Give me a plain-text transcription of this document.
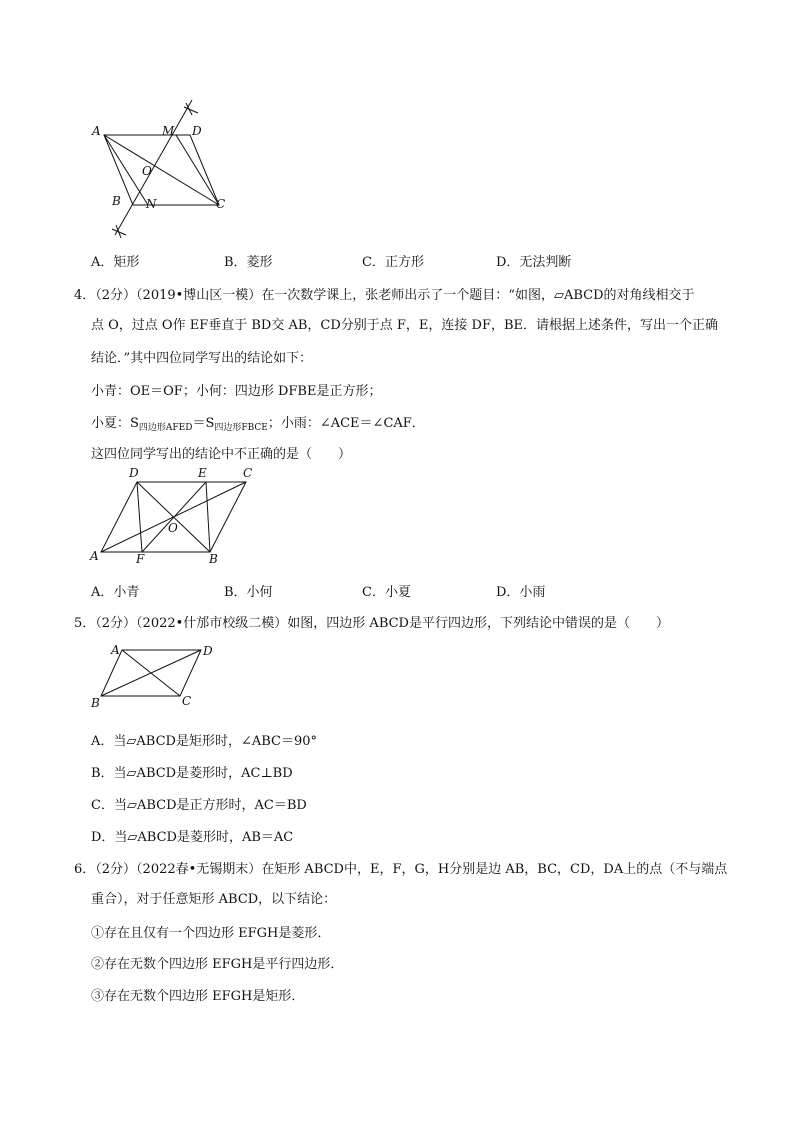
A	M D
O
B N	C
A．矩形	B．菱形	C．正方形	D．无法判断
4．（2分）（2019•博山区一模）在一次数学课上，张老师出示了一个题目：“如图，▱ABCD的对角线相交于
点 O，过点 O作 EF垂直于 BD交 AB，CD分别于点 F，E，连接 DF，BE．请根据上述条件，写出一个正确
结论．”其中四位同学写出的结论如下：
小青：OE＝OF；小何：四边形 DFBE是正方形；
小夏：$S_{四边形AFED}=S_{四边形FBCE}$；小雨：∠ACE＝∠CAF．
这四位同学写出的结论中不正确的是（　　）
D	E	C
O
A	F	B
A．小青	B．小何	C．小夏	D．小雨
5．（2分）（2022•什邡市校级二模）如图，四边形 ABCD是平行四边形，下列结论中错误的是（　　）
A	D
B	C
A．当▱ABCD是矩形时，∠ABC＝90°
B．当▱ABCD是菱形时，AC⊥BD
C．当▱ABCD是正方形时，AC＝BD
D．当▱ABCD是菱形时，AB＝AC
6．（2分）（2022春•无锡期末）在矩形 ABCD中，E，F，G，H分别是边 AB，BC，CD，DA上的点（不与端点
重合），对于任意矩形 ABCD，以下结论：
①存在且仅有一个四边形 EFGH是菱形．
②存在无数个四边形 EFGH是平行四边形．
③存在无数个四边形 EFGH是矩形．
